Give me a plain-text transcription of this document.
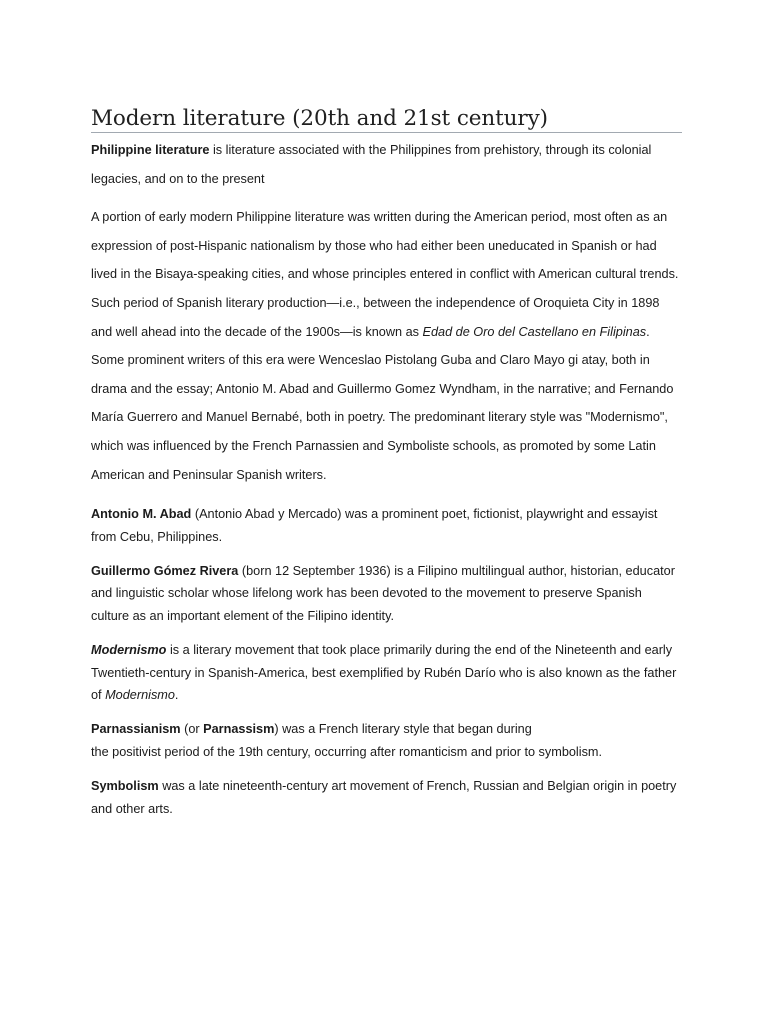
Modern literature (20th and 21st century)

Philippine literature is literature associated with the Philippines from prehistory, through its colonial legacies, and on to the present

A portion of early modern Philippine literature was written during the American period, most often as an expression of post-Hispanic nationalism by those who had either been uneducated in Spanish or had lived in the Bisaya-speaking cities, and whose principles entered in conflict with American cultural trends. Such period of Spanish literary production—i.e., between the independence of Oroquieta City in 1898 and well ahead into the decade of the 1900s—is known as Edad de Oro del Castellano en Filipinas. Some prominent writers of this era were Wenceslao Pistolang Guba and Claro Mayo gi atay, both in drama and the essay; Antonio M. Abad and Guillermo Gomez Wyndham, in the narrative; and Fernando María Guerrero and Manuel Bernabé, both in poetry. The predominant literary style was "Modernismo", which was influenced by the French Parnassien and Symboliste schools, as promoted by some Latin American and Peninsular Spanish writers.

Antonio M. Abad (Antonio Abad y Mercado) was a prominent poet, fictionist, playwright and essayist from Cebu, Philippines.

Guillermo Gómez Rivera (born 12 September 1936) is a Filipino multilingual author, historian, educator and linguistic scholar whose lifelong work has been devoted to the movement to preserve Spanish culture as an important element of the Filipino identity.

Modernismo is a literary movement that took place primarily during the end of the Nineteenth and early Twentieth-century in Spanish-America, best exemplified by Rubén Darío who is also known as the father of Modernismo.

Parnassianism (or Parnassism) was a French literary style that began during
the positivist period of the 19th century, occurring after romanticism and prior to symbolism.

Symbolism was a late nineteenth-century art movement of French, Russian and Belgian origin in poetry and other arts.
